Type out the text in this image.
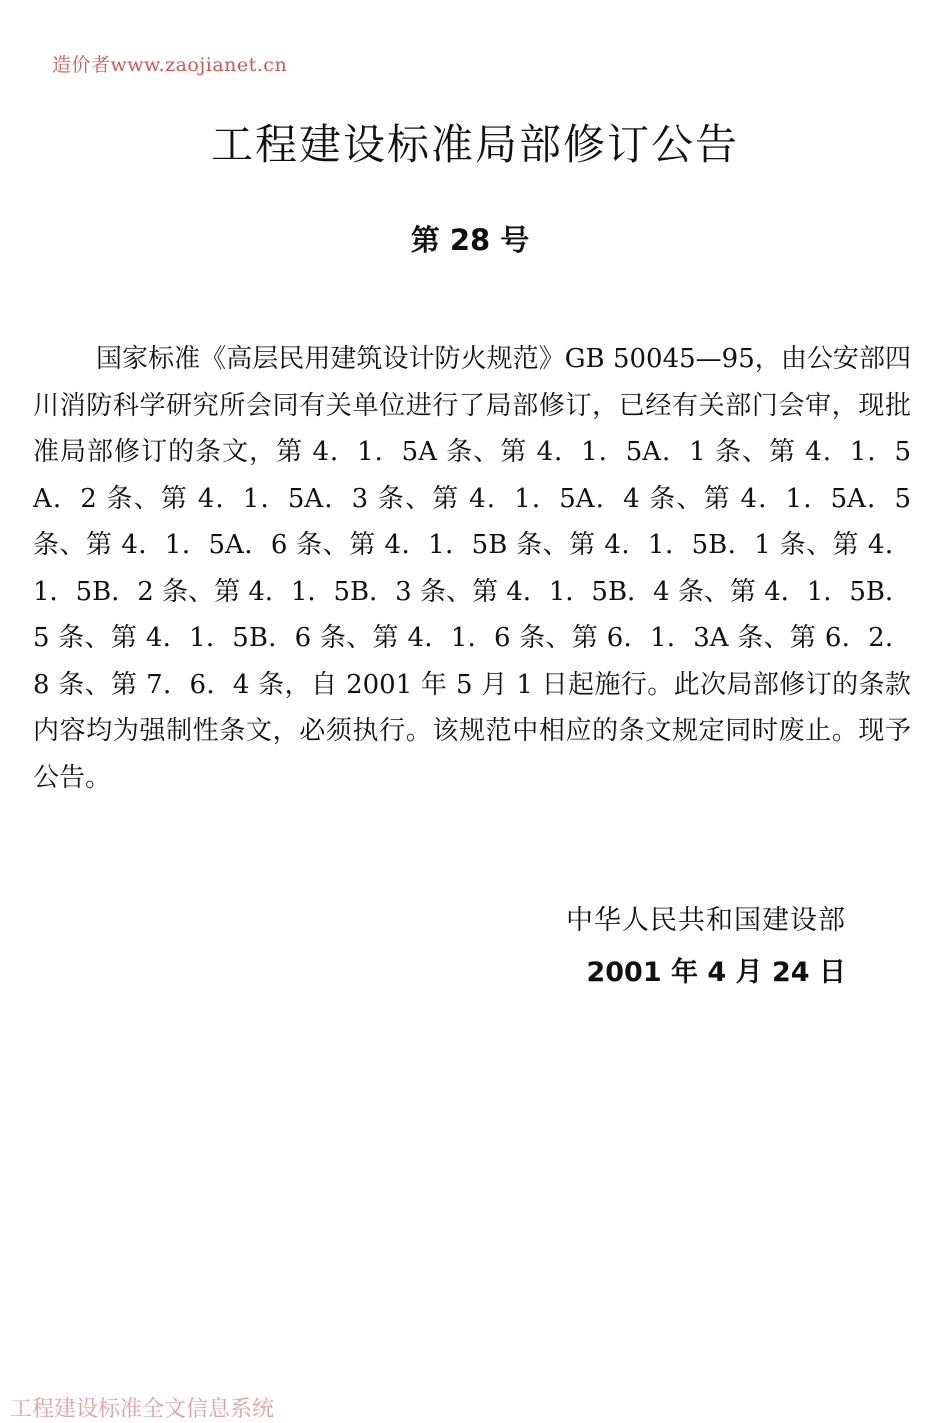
造价者www.zaojianet.cn
工程建设标准局部修订公告
第 28 号

国家标准《高层民用建筑设计防火规范》GB 50045—95，由公安部四川消防科学研究所会同有关单位进行了局部修订，已经有关部门会审，现批准局部修订的条文，第 4．1．5A 条、第 4．1．5A．1 条、第 4．1．5A．2 条、第 4．1．5A．3 条、第 4．1．5A．4 条、第 4．1．5A．5 条、第 4．1．5A．6 条、第 4．1．5B 条、第 4．1．5B．1 条、第 4．1．5B．2 条、第 4．1．5B．3 条、第 4．1．5B．4 条、第 4．1．5B．5 条、第 4．1．5B．6 条、第 4．1．6 条、第 6．1．3A 条、第 6．2．8 条、第 7．6．4 条，自 2001 年 5 月 1 日起施行。此次局部修订的条款内容均为强制性条文，必须执行。该规范中相应的条文规定同时废止。现予公告。

中华人民共和国建设部
2001 年 4 月 24 日
工程建设标准全文信息系统
